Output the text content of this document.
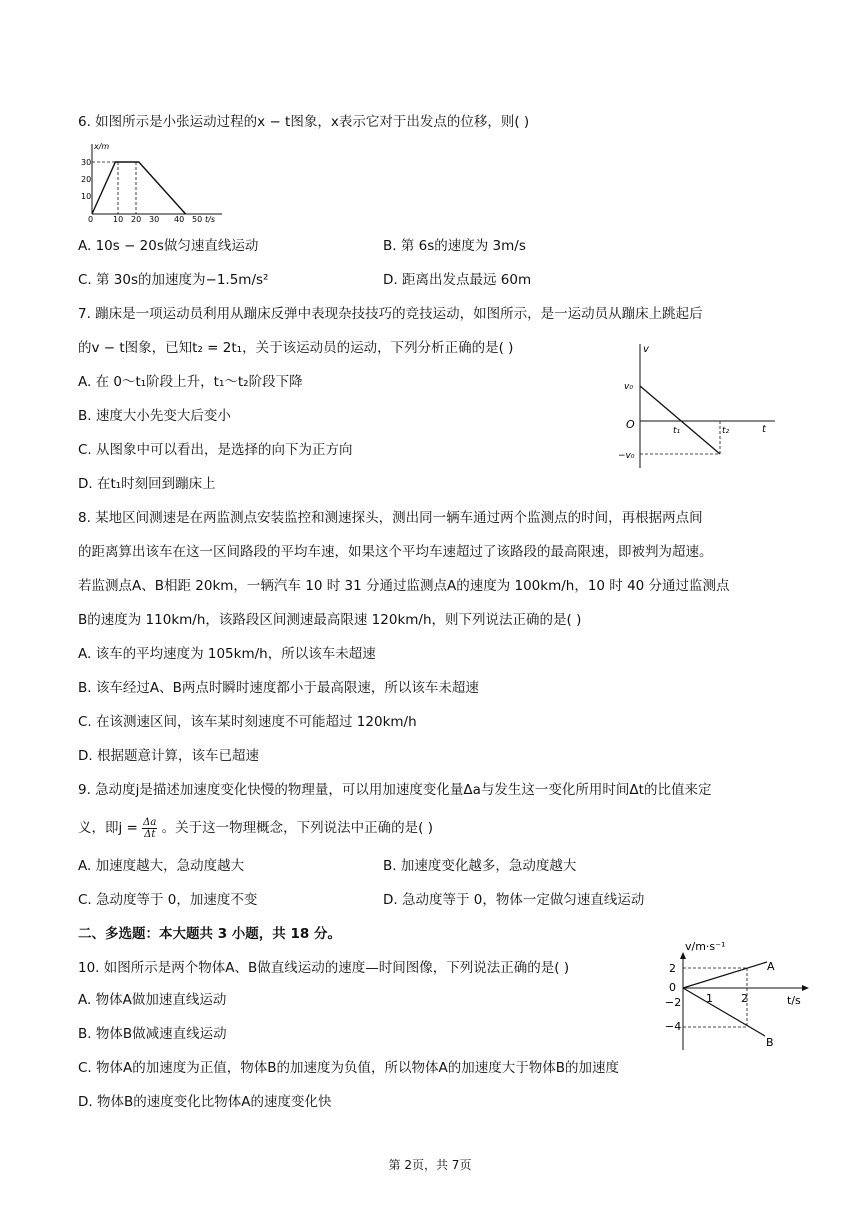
6. 如图所示是小张运动过程的x − t图象，x表示它对于出发点的位移，则( )
x/m
30
20
10
0 10 20 30 40 50 t/s
A. 10s − 20s做匀速直线运动	B. 第 6s的速度为 3m/s
C. 第 30s的加速度为−1.5m/s²	D. 距离出发点最远 60m
7. 蹦床是一项运动员利用从蹦床反弹中表现杂技技巧的竞技运动，如图所示，是一运动员从蹦床上跳起后
的v − t图象，已知t₂ = 2t₁，关于该运动员的运动，下列分析正确的是( )
A. 在 0～t₁阶段上升，t₁～t₂阶段下降
B. 速度大小先变大后变小
C. 从图象中可以看出，是选择的向下为正方向
D. 在t₁时刻回到蹦床上
v
t
O
v₀
−v₀
t₁	t₂
8. 某地区间测速是在两监测点安装监控和测速探头，测出同一辆车通过两个监测点的时间，再根据两点间
的距离算出该车在这一区间路段的平均车速，如果这个平均车速超过了该路段的最高限速，即被判为超速。
若监测点A、B相距 20km，一辆汽车 10 时 31 分通过监测点A的速度为 100km/h，10 时 40 分通过监测点
B的速度为 110km/h，该路段区间测速最高限速 120km/h，则下列说法正确的是( )
A. 该车的平均速度为 105km/h，所以该车未超速
B. 该车经过A、B两点时瞬时速度都小于最高限速，所以该车未超速
C. 在该测速区间，该车某时刻速度不可能超过 120km/h
D. 根据题意计算，该车已超速
9. 急动度j是描述加速度变化快慢的物理量，可以用加速度变化量Δa与发生这一变化所用时间Δt的比值来定
义，即$j = \frac{\Delta a}{\Delta t}$ 。关于这一物理概念，下列说法中正确的是( )
A. 加速度越大，急动度越大	B. 加速度变化越多，急动度越大
C. 急动度等于 0，加速度不变	D. 急动度等于 0，物体一定做匀速直线运动
二、多选题：本大题共 3 小题，共 18 分。
10. 如图所示是两个物体A、B做直线运动的速度—时间图像，下列说法正确的是( )
A. 物体A做加速直线运动
B. 物体B做减速直线运动
C. 物体A的加速度为正值，物体B的加速度为负值，所以物体A的加速度大于物体B的加速度
D. 物体B的速度变化比物体A的速度变化快
v/m·s⁻¹
t/s
2
0
−2
−4
1	2
A
B
第 2页，共 7页
